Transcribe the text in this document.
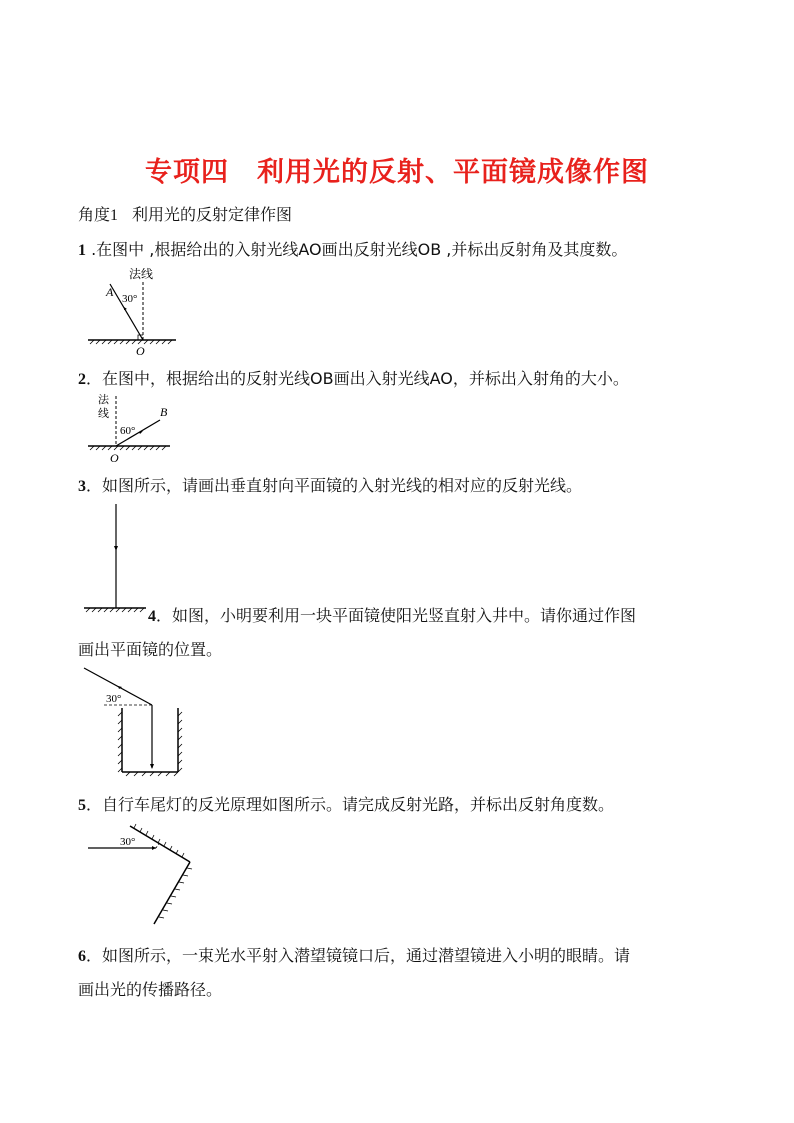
专项四　利用光的反射、平面镜成像作图
角度1 利用光的反射定律作图
1 .在图中 ,根据给出的入射光线AO画出反射光线OB ,并标出反射角及其度数。
法线
A 30°
O
2．在图中，根据给出的反射光线OB画出入射光线AO，并标出入射角的大小。
法
线	B
60°
O
3．如图所示，请画出垂直射向平面镜的入射光线的相对应的反射光线。
4．如图，小明要利用一块平面镜使阳光竖直射入井中。请你通过作图
画出平面镜的位置。
30°
5．自行车尾灯的反光原理如图所示。请完成反射光路，并标出反射角度数。
30°
6．如图所示，一束光水平射入潜望镜镜口后，通过潜望镜进入小明的眼睛。请
画出光的传播路径。
